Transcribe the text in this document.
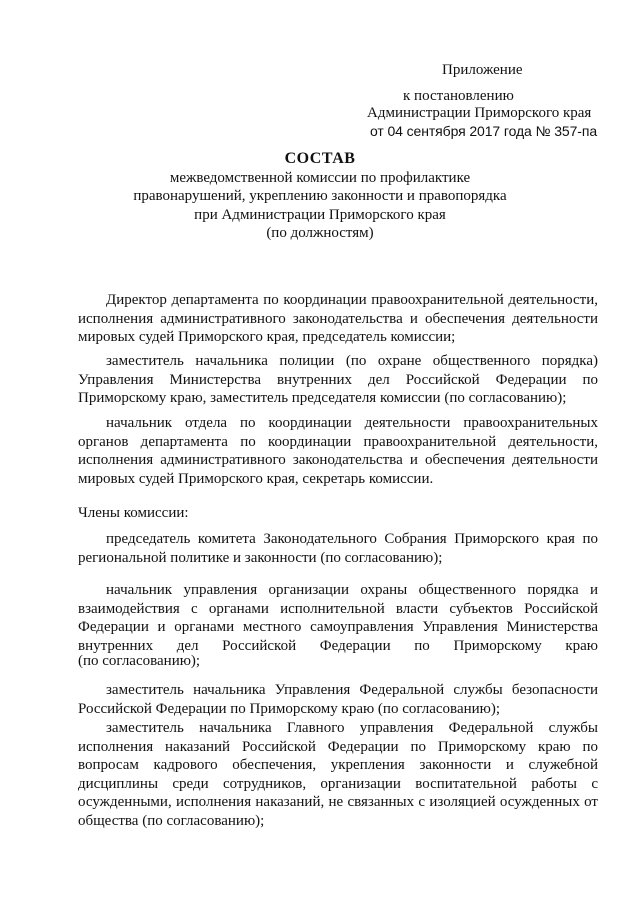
Приложение
к постановлению
Администрации Приморского края
от 04 сентября 2017 года № 357-па
СОСТАВ
межведомственной комиссии по профилактике
правонарушений, укреплению законности и правопорядка
при Администрации Приморского края
(по должностям)
Директор департамента по координации правоохранительной деятельности, исполнения административного законодательства и обеспечения деятельности мировых судей Приморского края, председатель комиссии;
заместитель начальника полиции (по охране общественного порядка) Управления Министерства внутренних дел Российской Федерации по Приморскому краю, заместитель председателя комиссии (по согласованию);
начальник отдела по координации деятельности правоохранительных органов департамента по координации правоохранительной деятельности, исполнения административного законодательства и обеспечения деятельности мировых судей Приморского края, секретарь комиссии.
Члены комиссии:
председатель комитета Законодательного Собрания Приморского края по региональной политике и законности (по согласованию);
начальник управления организации охраны общественного порядка и взаимодействия с органами исполнительной власти субъектов Российской Федерации и органами местного самоуправления Управления Министерства внутренних дел Российской Федерации по Приморскому краю
(по согласованию);
заместитель начальника Управления Федеральной службы безопасности Российской Федерации по Приморскому краю (по согласованию);
заместитель начальника Главного управления Федеральной службы исполнения наказаний Российской Федерации по Приморскому краю по вопросам кадрового обеспечения, укрепления законности и служебной дисциплины среди сотрудников, организации воспитательной работы с осужденными, исполнения наказаний, не связанных с изоляцией осужденных от общества (по согласованию);
